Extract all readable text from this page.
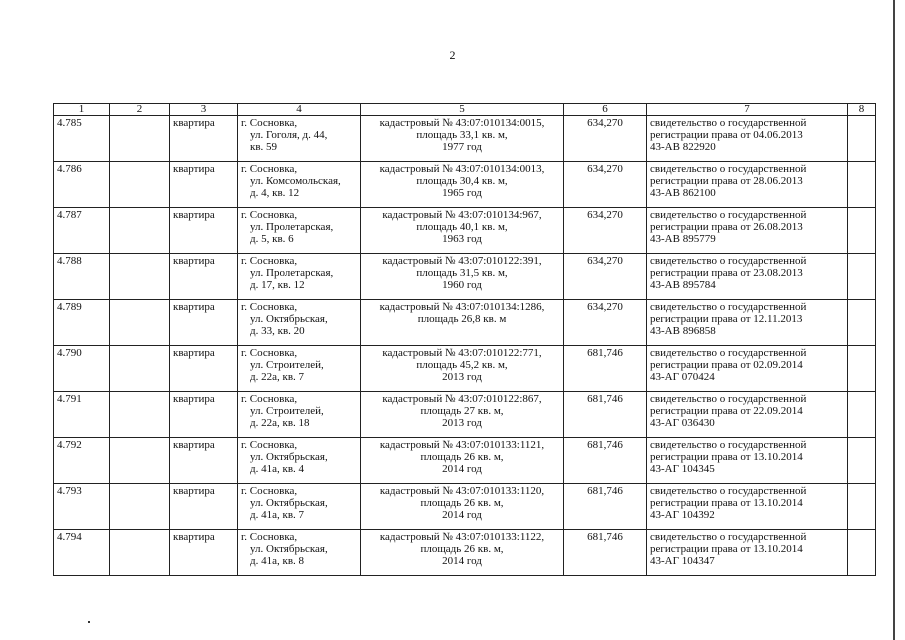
2
1	2	3	4	5	6	7	8
4.785		квартира	г. Сосновка,
ул. Гоголя, д. 44,
кв. 59	кадастровый № 43:07:010134:0015,
площадь 33,1 кв. м,
1977 год	634,270	свидетельство о государственной
регистрации права от 04.06.2013
43-АВ 822920	

4.786		квартира	г. Сосновка,
ул. Комсомольская,
д. 4, кв. 12	кадастровый № 43:07:010134:0013,
площадь 30,4 кв. м,
1965 год	634,270	свидетельство о государственной
регистрации права от 28.06.2013
43-АВ 862100	

4.787		квартира	г. Сосновка,
ул. Пролетарская,
д. 5, кв. 6	кадастровый № 43:07:010134:967,
площадь 40,1 кв. м,
1963 год	634,270	свидетельство о государственной
регистрации права от 26.08.2013
43-АВ 895779	

4.788		квартира	г. Сосновка,
ул. Пролетарская,
д. 17, кв. 12	кадастровый № 43:07:010122:391,
площадь 31,5 кв. м,
1960 год	634,270	свидетельство о государственной
регистрации права от 23.08.2013
43-АВ 895784	

4.789		квартира	г. Сосновка,
ул. Октябрьская,
д. 33, кв. 20	кадастровый № 43:07:010134:1286,
площадь 26,8 кв. м	634,270	свидетельство о государственной
регистрации права от 12.11.2013
43-АВ 896858	

4.790		квартира	г. Сосновка,
ул. Строителей,
д. 22а, кв. 7	кадастровый № 43:07:010122:771,
площадь 45,2 кв. м,
2013 год	681,746	свидетельство о государственной
регистрации права от 02.09.2014
43-АГ 070424	

4.791		квартира	г. Сосновка,
ул. Строителей,
д. 22а, кв. 18	кадастровый № 43:07:010122:867,
площадь 27 кв. м,
2013 год	681,746	свидетельство о государственной
регистрации права от 22.09.2014
43-АГ 036430	

4.792		квартира	г. Сосновка,
ул. Октябрьская,
д. 41а, кв. 4	кадастровый № 43:07:010133:1121,
площадь 26 кв. м,
2014 год	681,746	свидетельство о государственной
регистрации права от 13.10.2014
43-АГ 104345	

4.793		квартира	г. Сосновка,
ул. Октябрьская,
д. 41а, кв. 7	кадастровый № 43:07:010133:1120,
площадь 26 кв. м,
2014 год	681,746	свидетельство о государственной
регистрации права от 13.10.2014
43-АГ 104392	

4.794		квартира	г. Сосновка,
ул. Октябрьская,
д. 41а, кв. 8	кадастровый № 43:07:010133:1122,
площадь 26 кв. м,
2014 год	681,746	свидетельство о государственной
регистрации права от 13.10.2014
43-АГ 104347	
